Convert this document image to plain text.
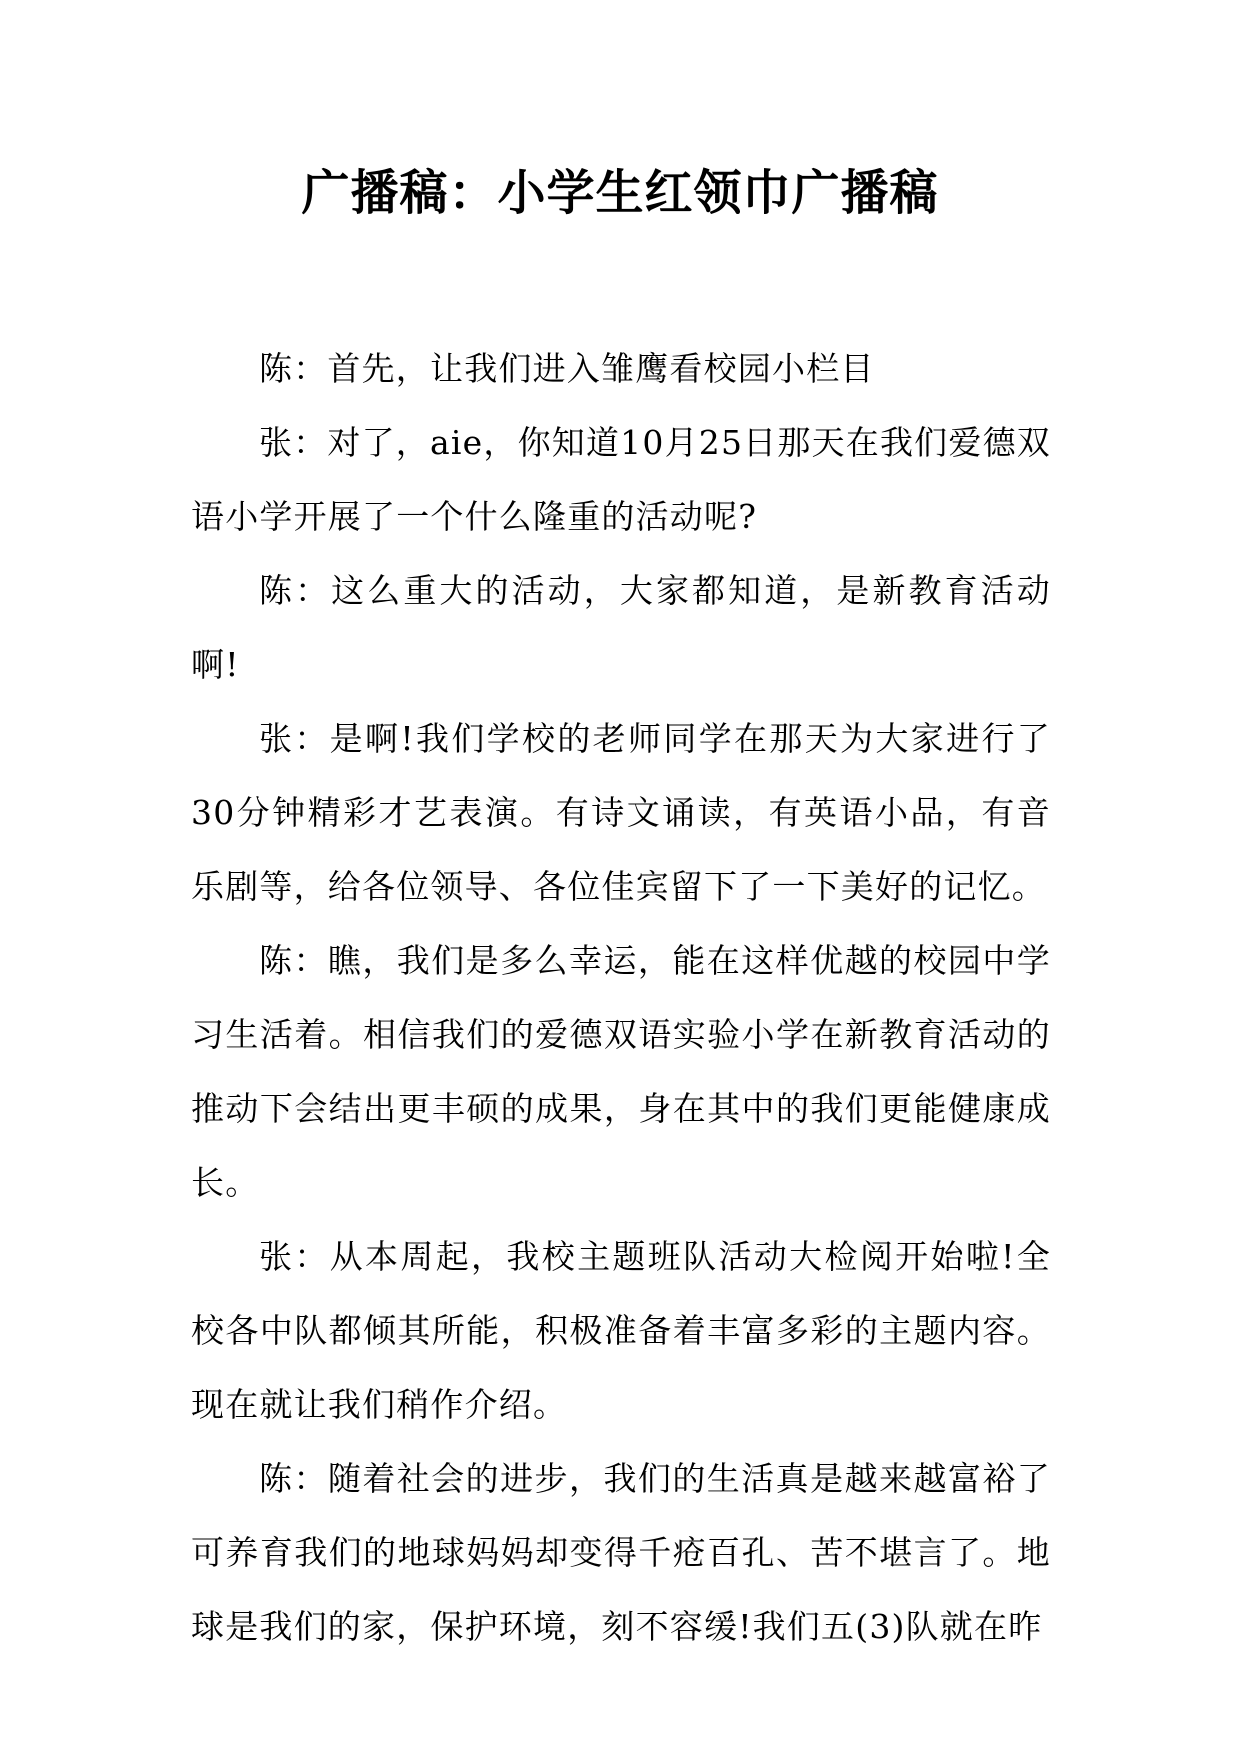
广播稿：小学生红领巾广播稿

陈：首先，让我们进入雏鹰看校园小栏目

张：对了，aie，你知道10月25日那天在我们爱德双语小学开展了一个什么隆重的活动呢?

陈：这么重大的活动，大家都知道，是新教育活动啊!

张：是啊!我们学校的老师同学在那天为大家进行了30分钟精彩才艺表演。有诗文诵读，有英语小品，有音乐剧等，给各位领导、各位佳宾留下了一下美好的记忆。

陈：瞧，我们是多么幸运，能在这样优越的校园中学习生活着。相信我们的爱德双语实验小学在新教育活动的推动下会结出更丰硕的成果，身在其中的我们更能健康成长。

张：从本周起，我校主题班队活动大检阅开始啦!全校各中队都倾其所能，积极准备着丰富多彩的主题内容。现在就让我们稍作介绍。

陈：随着社会的进步，我们的生活真是越来越富裕了可养育我们的地球妈妈却变得千疮百孔、苦不堪言了。地球是我们的家，保护环境，刻不容缓!我们五(3)队就在昨
